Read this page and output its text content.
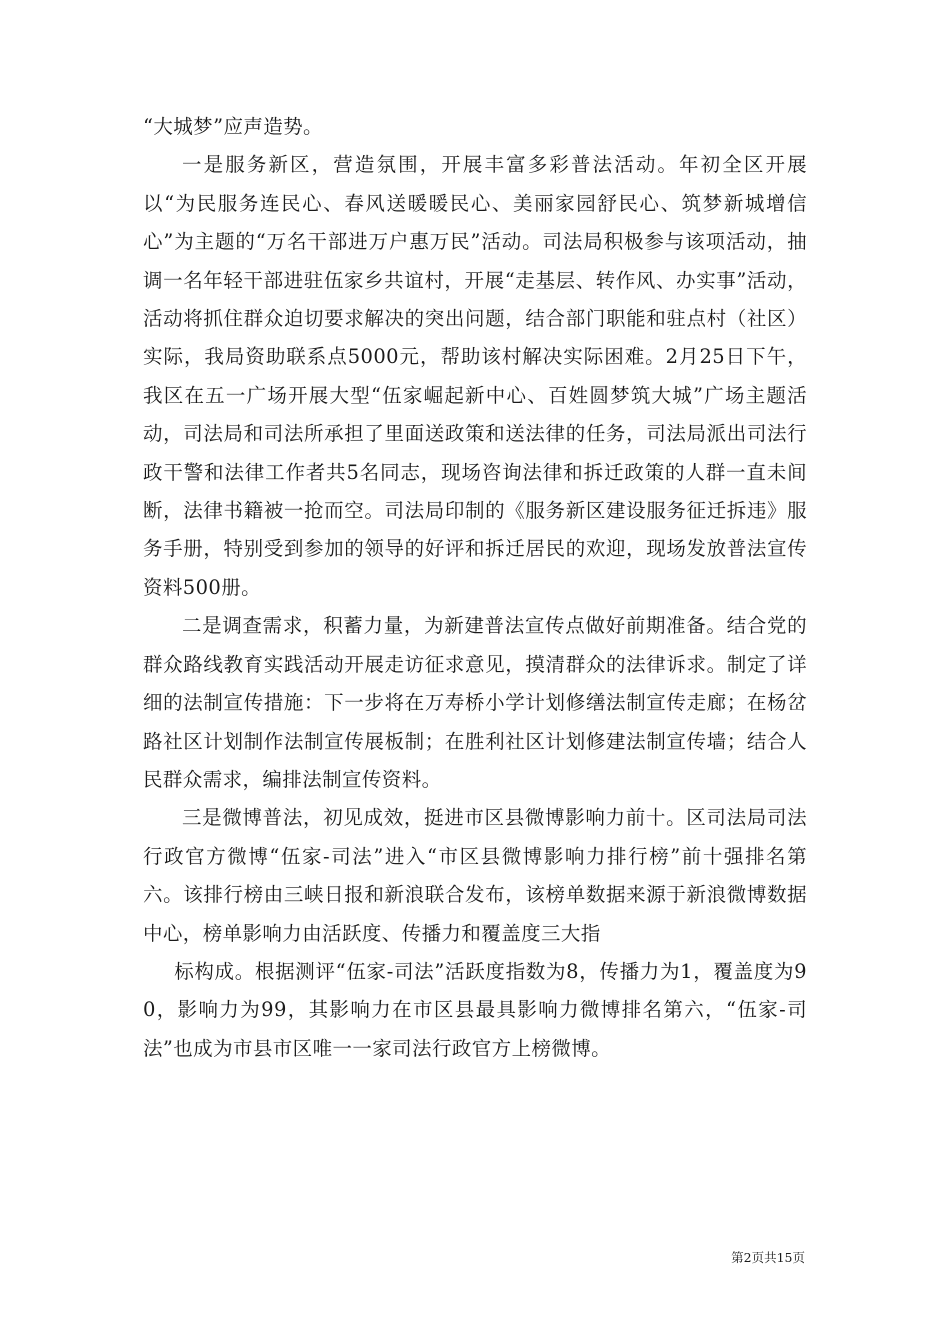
“大城梦”应声造势。

一是服务新区，营造氛围，开展丰富多彩普法活动。年初全区开展以“为民服务连民心、春风送暖暖民心、美丽家园舒民心、筑梦新城增信心”为主题的“万名干部进万户惠万民”活动。司法局积极参与该项活动，抽调一名年轻干部进驻伍家乡共谊村，开展“走基层、转作风、办实事”活动，活动将抓住群众迫切要求解决的突出问题，结合部门职能和驻点村（社区）实际，我局资助联系点5000元，帮助该村解决实际困难。2月25日下午，我区在五一广场开展大型“伍家崛起新中心、百姓圆梦筑大城”广场主题活动，司法局和司法所承担了里面送政策和送法律的任务，司法局派出司法行政干警和法律工作者共5名同志，现场咨询法律和拆迁政策的人群一直未间断，法律书籍被一抢而空。司法局印制的《服务新区建设服务征迁拆违》服务手册，特别受到参加的领导的好评和拆迁居民的欢迎，现场发放普法宣传资料500册。

二是调查需求，积蓄力量，为新建普法宣传点做好前期准备。结合党的群众路线教育实践活动开展走访征求意见，摸清群众的法律诉求。制定了详细的法制宣传措施：下一步将在万寿桥小学计划修缮法制宣传走廊；在杨岔路社区计划制作法制宣传展板制；在胜利社区计划修建法制宣传墙；结合人民群众需求，编排法制宣传资料。

三是微博普法，初见成效，挺进市区县微博影响力前十。区司法局司法行政官方微博“伍家-司法”进入“市区县微博影响力排行榜”前十强排名第六。该排行榜由三峡日报和新浪联合发布，该榜单数据来源于新浪微博数据中心，榜单影响力由活跃度、传播力和覆盖度三大指

标构成。根据测评“伍家-司法”活跃度指数为8，传播力为1，覆盖度为90，影响力为99，其影响力在市区县最具影响力微博排名第六，“伍家-司法”也成为市县市区唯一一家司法行政官方上榜微博。

第2页共15页
